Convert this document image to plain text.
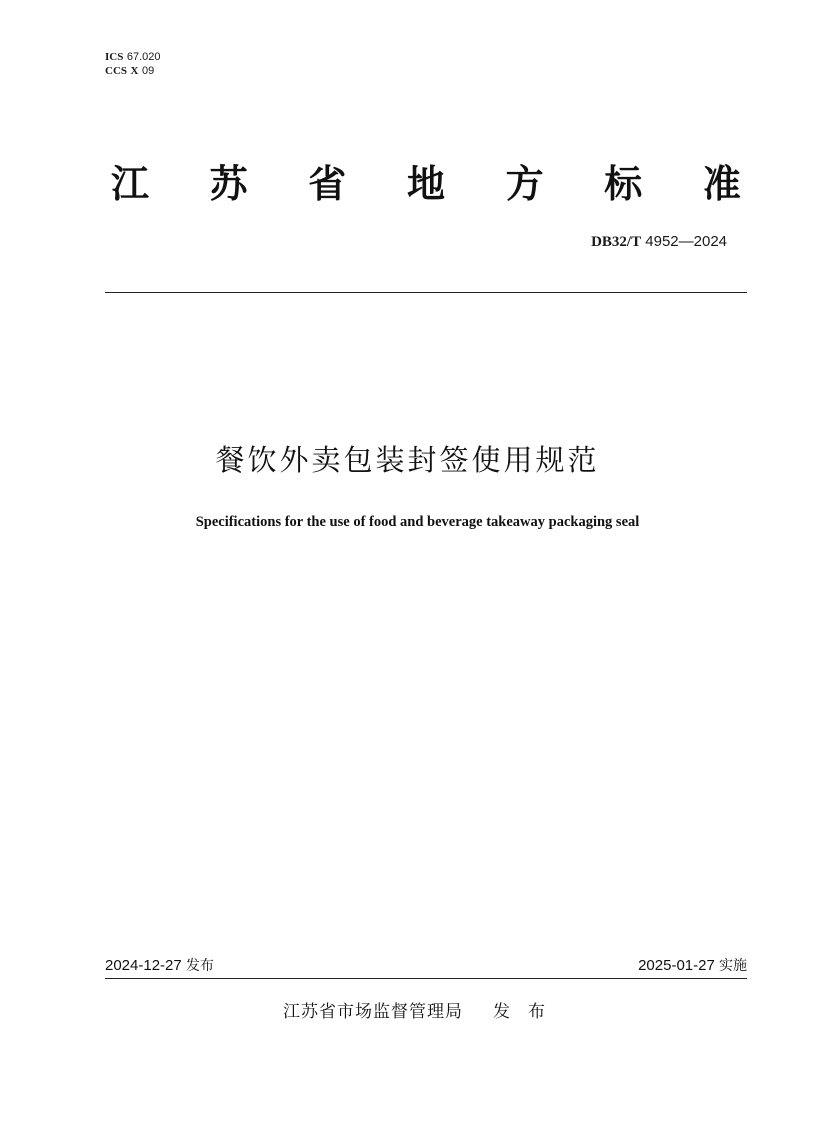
ICS 67.020
CCS X 09
江 苏 省 地 方 标 准
DB32/T 4952—2024
餐饮外卖包装封签使用规范
Specifications for the use of food and beverage takeaway packaging seal
2024-12-27 发布	2025-01-27 实施
江苏省市场监督管理局 发布
